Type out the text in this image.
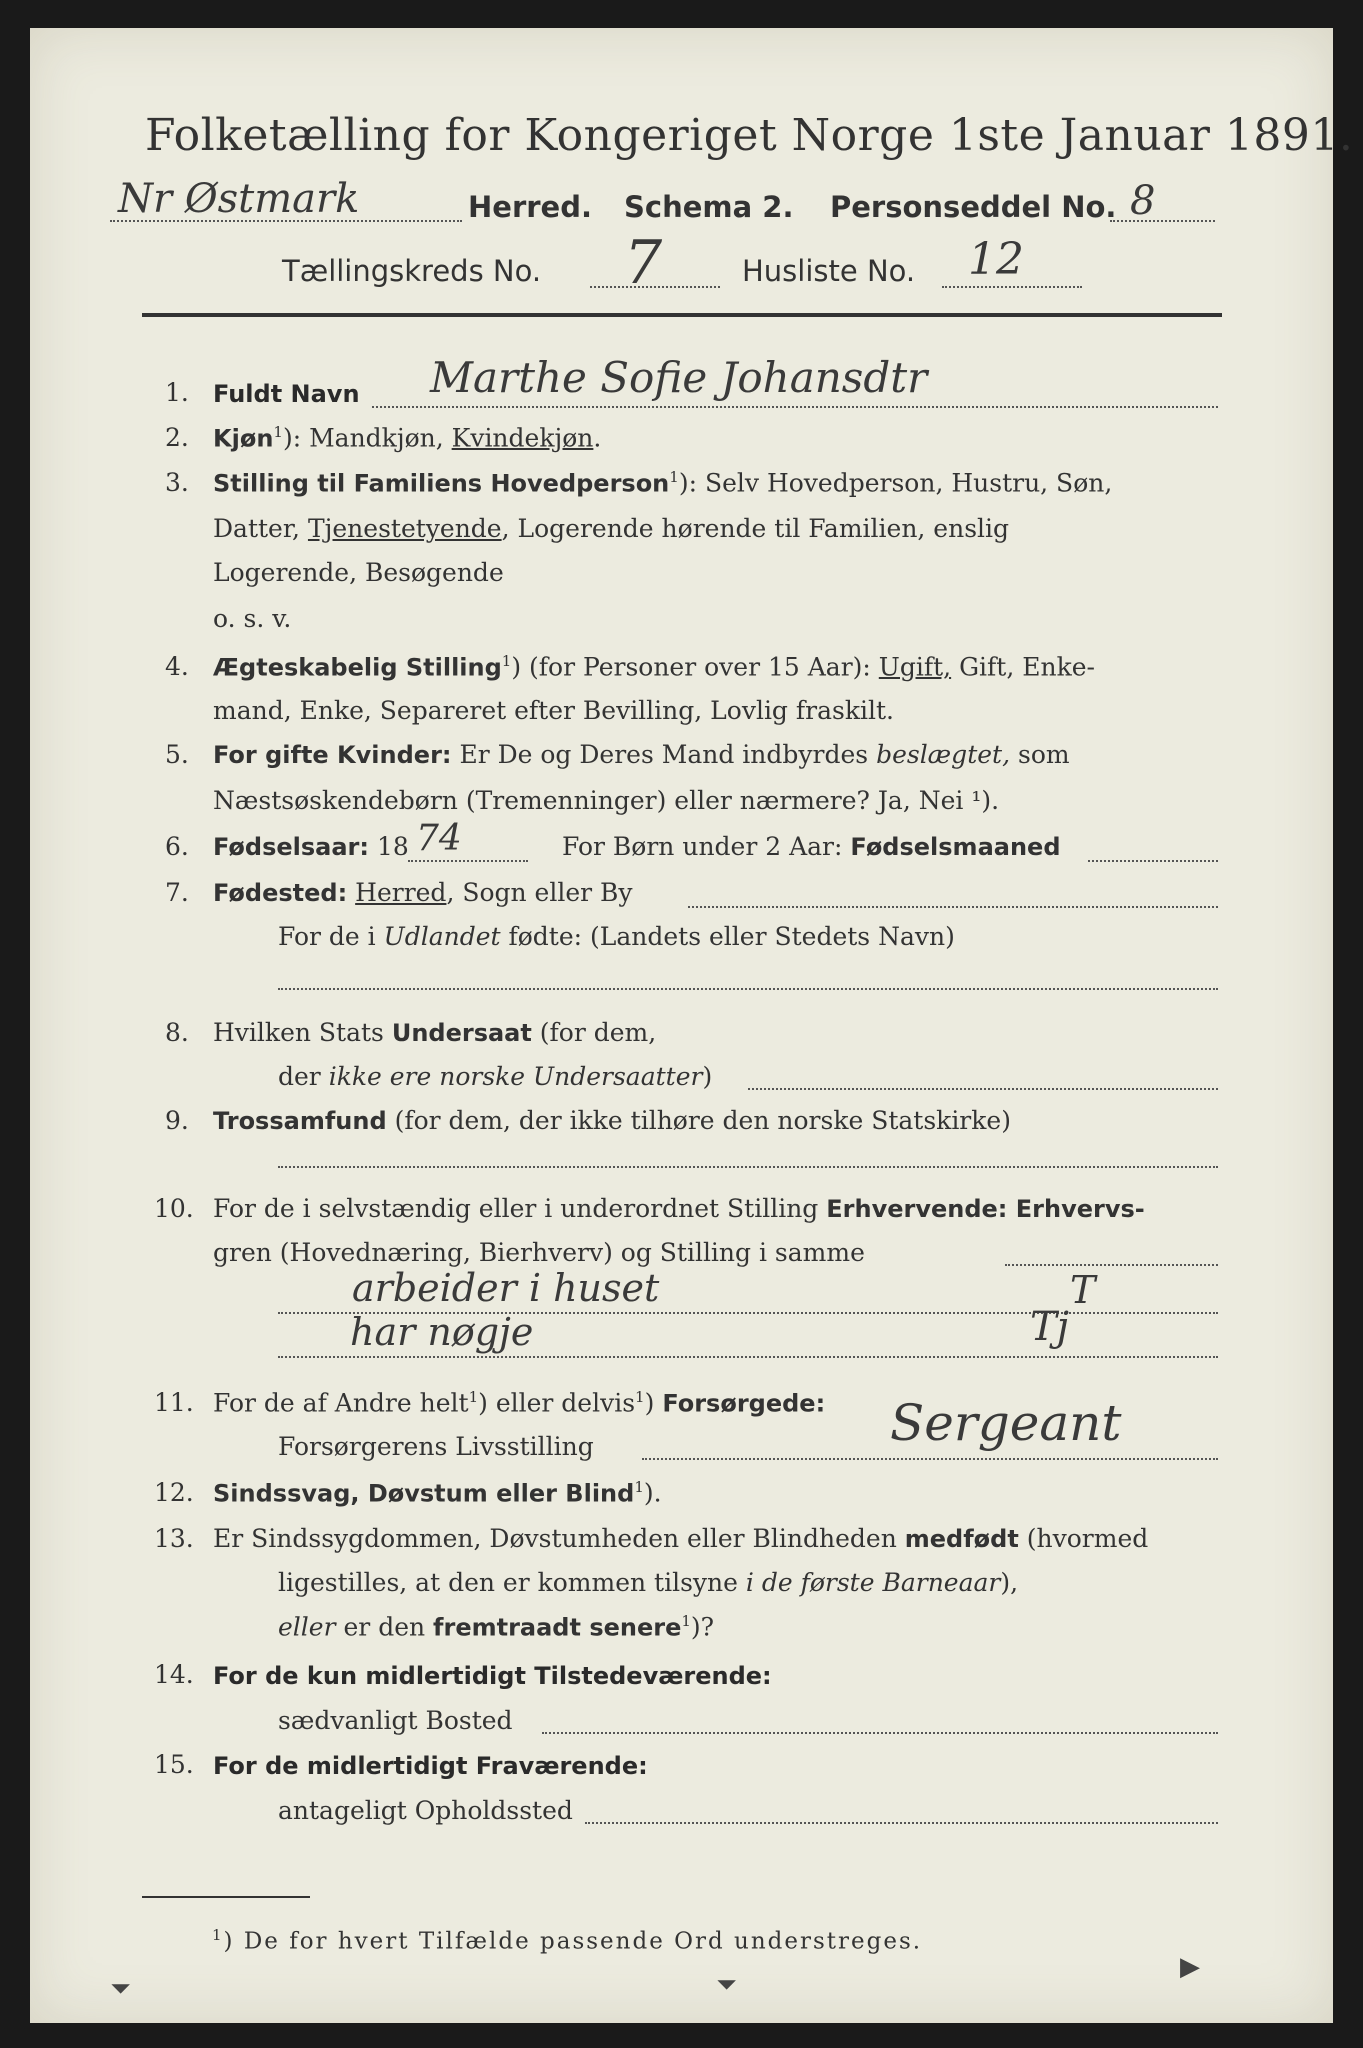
Folketælling for Kongeriget Norge 1ste Januar 1891.
Nr Østmark	Herred. Schema 2. Personseddel No. 8
Tællingskreds No. 7	Husliste No. 12
1. Fuldt Navn Marthe Sofie Johansdtr
2. Kjøn$^1$): Mandkjøn, Kvindekjøn.
3. Stilling til Familiens Hovedperson$^1$): Selv Hovedperson, Hustru, Søn,
Datter, Tjenestetyende, Logerende hørende til Familien, enslig
Logerende, Besøgende
o. s. v.
4. Ægteskabelig Stilling$^1$) (for Personer over 15 Aar): Ugift, Gift, Enke-
mand, Enke, Separeret efter Bevilling, Lovlig fraskilt.
5. For gifte Kvinder: Er De og Deres Mand indbyrdes beslægtet, som
Næstsøskendebørn (Tremenninger) eller nærmere? Ja, Nei ¹).
6. Fødselsaar: 18 74	For Børn under 2 Aar: Fødselsmaaned
7. Fødested: Herred, Sogn eller By
For de i Udlandet fødte: (Landets eller Stedets Navn)
8. Hvilken Stats Undersaat (for dem,
der ikke ere norske Undersaatter)
9. Trossamfund (for dem, der ikke tilhøre den norske Statskirke)
10. For de i selvstændig eller i underordnet Stilling Erhvervende: Erhvervs-
gren (Hovednæring, Bierhverv) og Stilling i samme
arbeider i huset	T
har nøgje	Tj
11. For de af Andre helt$^1$) eller delvis$^1$) Forsørgede:
Forsørgerens Livsstilling	Sergeant
12. Sindssvag, Døvstum eller Blind$^1$).
13. Er Sindssygdommen, Døvstumheden eller Blindheden medfødt (hvormed
ligestilles, at den er kommen tilsyne i de første Barneaar),
eller er den fremtraadt senere$^1$)?
14. For de kun midlertidigt Tilstedeværende:
sædvanligt Bosted
15. For de midlertidigt Fraværende:
antageligt Opholdssted
$^1$) De for hvert Tilfælde passende Ord understreges.
⏷	⏷
▶
